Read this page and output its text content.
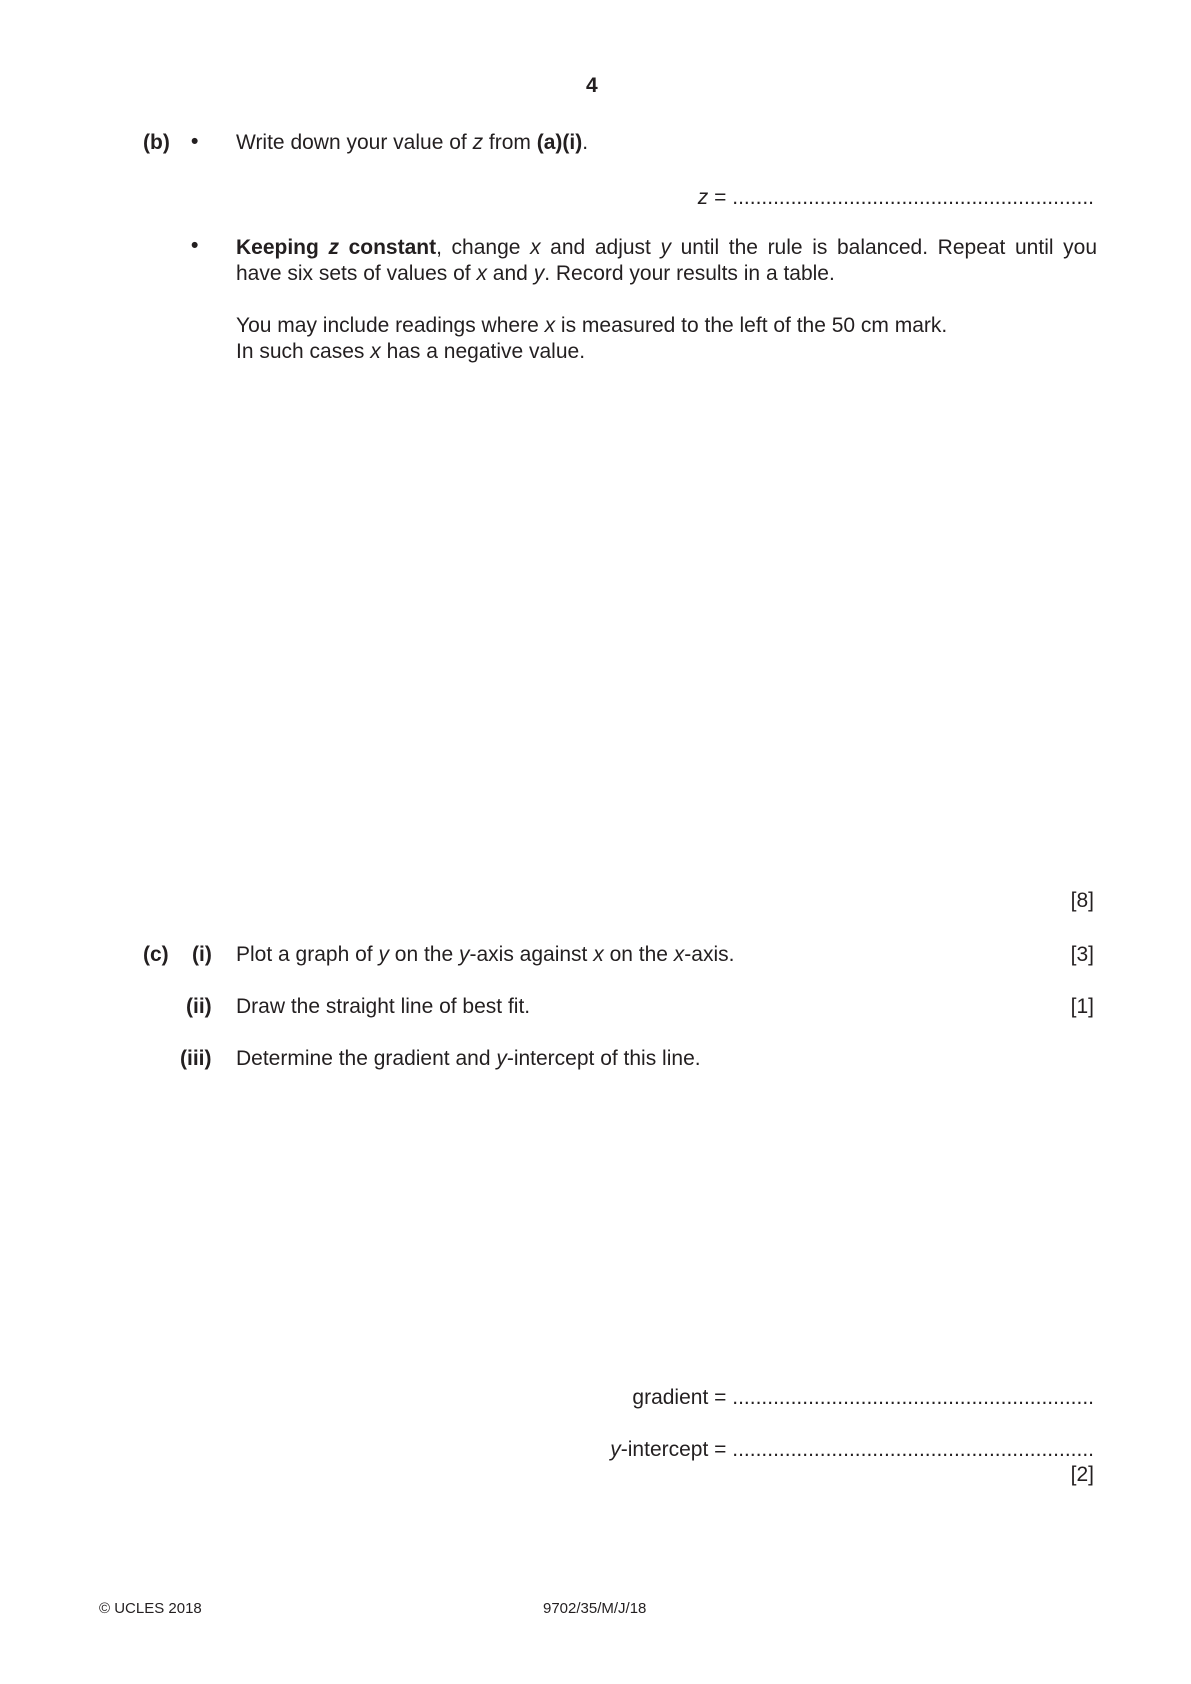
4
(b) • Write down your value of z from (a)(i).
z = ..............................................................
• Keeping z constant, change x and adjust y until the rule is balanced. Repeat until you
have six sets of values of x and y. Record your results in a table.
You may include readings where x is measured to the left of the 50 cm mark.
In such cases x has a negative value.
[8]
(c) (i) Plot a graph of y on the y-axis against x on the x-axis.	[3]
(ii) Draw the straight line of best fit.	[1]
(iii) Determine the gradient and y-intercept of this line.
gradient = ..............................................................
y-intercept = ..............................................................
[2]
© UCLES 2018	9702/35/M/J/18
